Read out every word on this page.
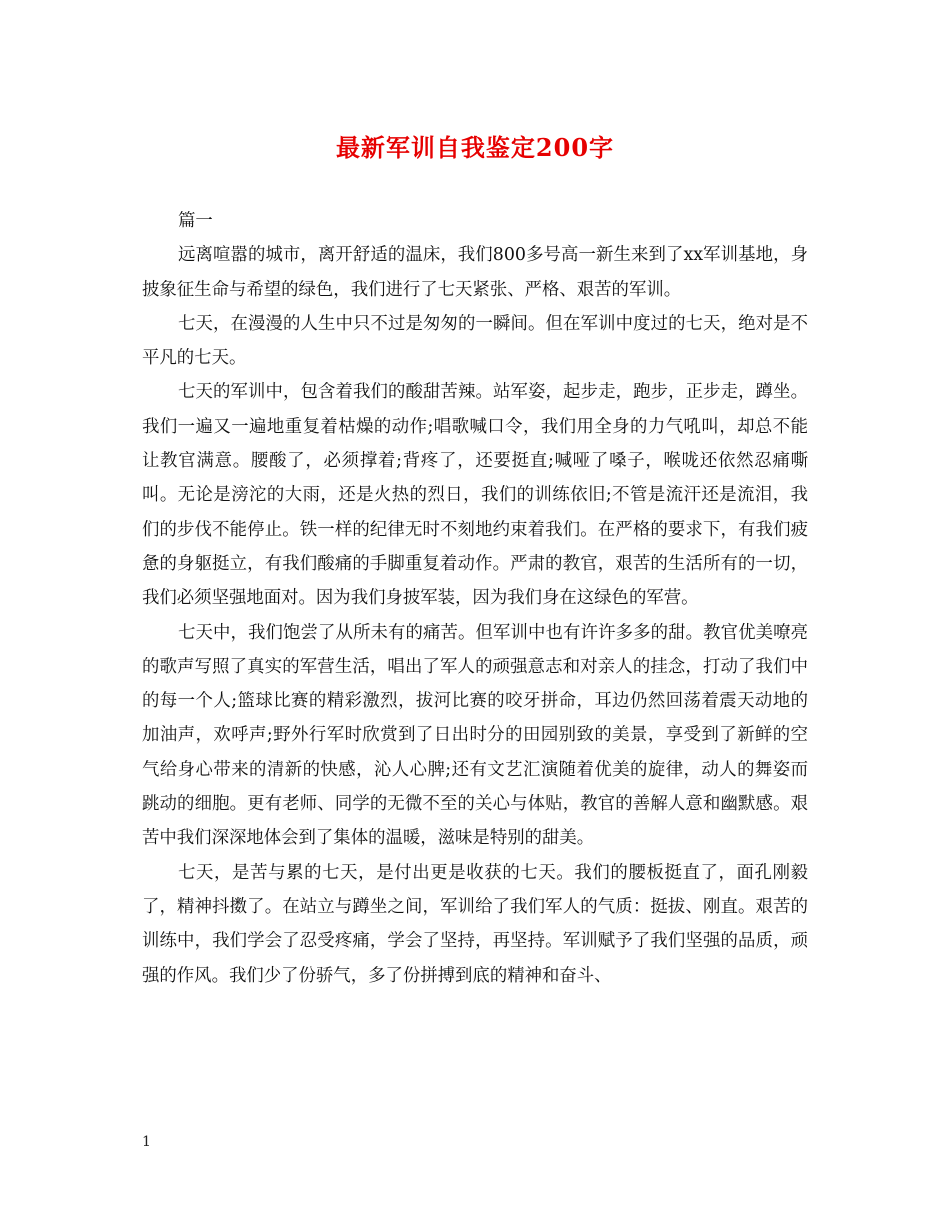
最新军训自我鉴定200字

篇一

远离喧嚣的城市，离开舒适的温床，我们800多号高一新生来到了xx军训基地，身披象征生命与希望的绿色，我们进行了七天紧张、严格、艰苦的军训。

七天，在漫漫的人生中只不过是匆匆的一瞬间。但在军训中度过的七天，绝对是不平凡的七天。

七天的军训中，包含着我们的酸甜苦辣。站军姿，起步走，跑步，正步走，蹲坐。我们一遍又一遍地重复着枯燥的动作;唱歌喊口令，我们用全身的力气吼叫，却总不能让教官满意。腰酸了，必须撑着;背疼了，还要挺直;喊哑了嗓子，喉咙还依然忍痛嘶叫。无论是滂沱的大雨，还是火热的烈日，我们的训练依旧;不管是流汗还是流泪，我们的步伐不能停止。铁一样的纪律无时不刻地约束着我们。在严格的要求下，有我们疲惫的身躯挺立，有我们酸痛的手脚重复着动作。严肃的教官，艰苦的生活所有的一切，我们必须坚强地面对。因为我们身披军装，因为我们身在这绿色的军营。

七天中，我们饱尝了从所未有的痛苦。但军训中也有许许多多的甜。教官优美嘹亮的歌声写照了真实的军营生活，唱出了军人的顽强意志和对亲人的挂念，打动了我们中的每一个人;篮球比赛的精彩激烈，拔河比赛的咬牙拼命，耳边仍然回荡着震天动地的加油声，欢呼声;野外行军时欣赏到了日出时分的田园别致的美景，享受到了新鲜的空气给身心带来的清新的快感，沁人心脾;还有文艺汇演随着优美的旋律，动人的舞姿而跳动的细胞。更有老师、同学的无微不至的关心与体贴，教官的善解人意和幽默感。艰苦中我们深深地体会到了集体的温暖，滋味是特别的甜美。

七天，是苦与累的七天，是付出更是收获的七天。我们的腰板挺直了，面孔刚毅了，精神抖擞了。在站立与蹲坐之间，军训给了我们军人的气质：挺拔、刚直。艰苦的训练中，我们学会了忍受疼痛，学会了坚持，再坚持。军训赋予了我们坚强的品质，顽强的作风。我们少了份骄气，多了份拼搏到底的精神和奋斗、

1
